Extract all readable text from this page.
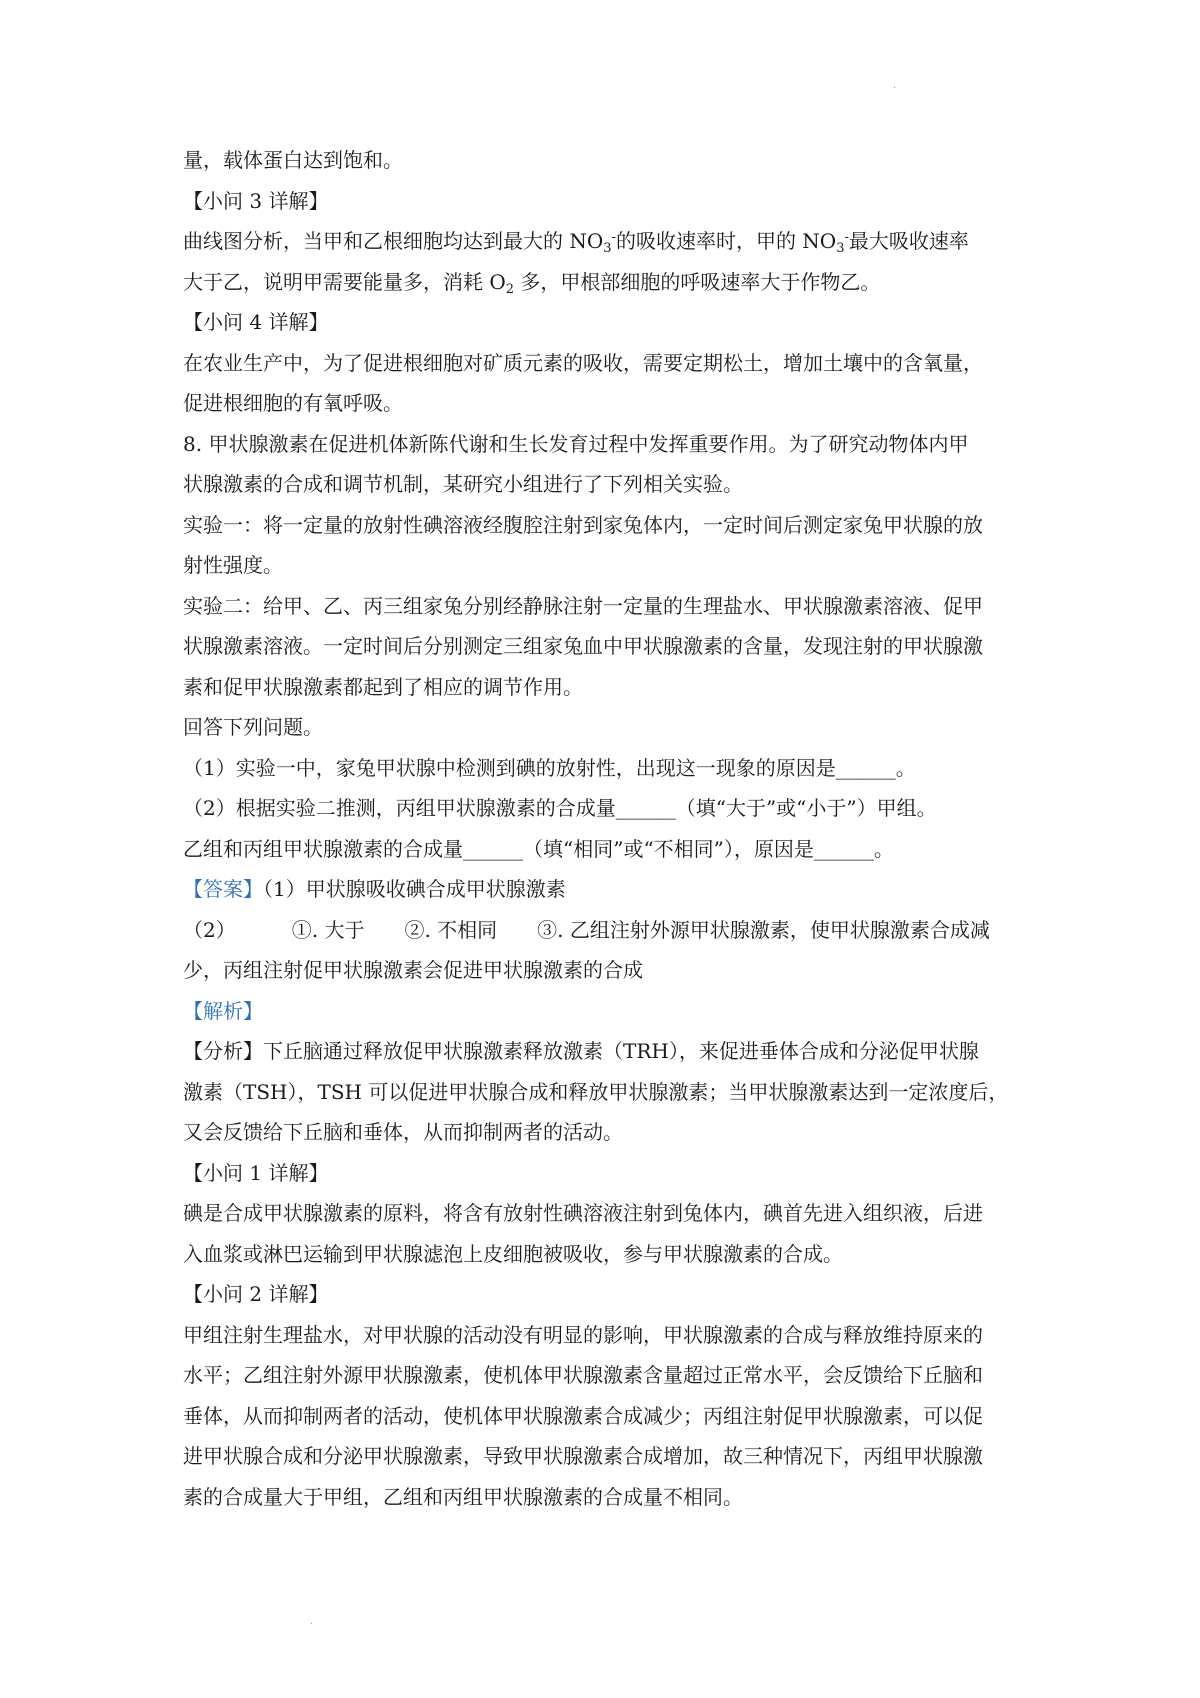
·
·
量，载体蛋白达到饱和。
【小问 3 详解】
曲线图分析，当甲和乙根细胞均达到最大的 $NO_3^-$的吸收速率时，甲的 $NO_3^-$最大吸收速率
大于乙，说明甲需要能量多，消耗 $O_2$ 多，甲根部细胞的呼吸速率大于作物乙。
【小问 4 详解】
在农业生产中，为了促进根细胞对矿质元素的吸收，需要定期松土，增加土壤中的含氧量，
促进根细胞的有氧呼吸。
8. 甲状腺激素在促进机体新陈代谢和生长发育过程中发挥重要作用。为了研究动物体内甲
状腺激素的合成和调节机制，某研究小组进行了下列相关实验。
实验一：将一定量的放射性碘溶液经腹腔注射到家兔体内，一定时间后测定家兔甲状腺的放
射性强度。
实验二：给甲、乙、丙三组家兔分别经静脉注射一定量的生理盐水、甲状腺激素溶液、促甲
状腺激素溶液。一定时间后分别测定三组家兔血中甲状腺激素的含量，发现注射的甲状腺激
素和促甲状腺激素都起到了相应的调节作用。
回答下列问题。
（1）实验一中，家兔甲状腺中检测到碘的放射性，出现这一现象的原因是______。
（2）根据实验二推测，丙组甲状腺激素的合成量______（填“大于”或“小于”）甲组。
乙组和丙组甲状腺激素的合成量______（填“相同”或“不相同”），原因是______。
【答案】（1）甲状腺吸收碘合成甲状腺激素
（2）	①. 大于 ②. 不相同 ③. 乙组注射外源甲状腺激素，使甲状腺激素合成减
少，丙组注射促甲状腺激素会促进甲状腺激素的合成
【解析】
【分析】下丘脑通过释放促甲状腺激素释放激素（TRH），来促进垂体合成和分泌促甲状腺
激素（TSH），TSH 可以促进甲状腺合成和释放甲状腺激素；当甲状腺激素达到一定浓度后，
又会反馈给下丘脑和垂体，从而抑制两者的活动。
【小问 1 详解】
碘是合成甲状腺激素的原料，将含有放射性碘溶液注射到兔体内，碘首先进入组织液，后进
入血浆或淋巴运输到甲状腺滤泡上皮细胞被吸收，参与甲状腺激素的合成。
【小问 2 详解】
甲组注射生理盐水，对甲状腺的活动没有明显的影响，甲状腺激素的合成与释放维持原来的
水平；乙组注射外源甲状腺激素，使机体甲状腺激素含量超过正常水平，会反馈给下丘脑和
垂体，从而抑制两者的活动，使机体甲状腺激素合成减少；丙组注射促甲状腺激素，可以促
进甲状腺合成和分泌甲状腺激素，导致甲状腺激素合成增加，故三种情况下，丙组甲状腺激
素的合成量大于甲组，乙组和丙组甲状腺激素的合成量不相同。
